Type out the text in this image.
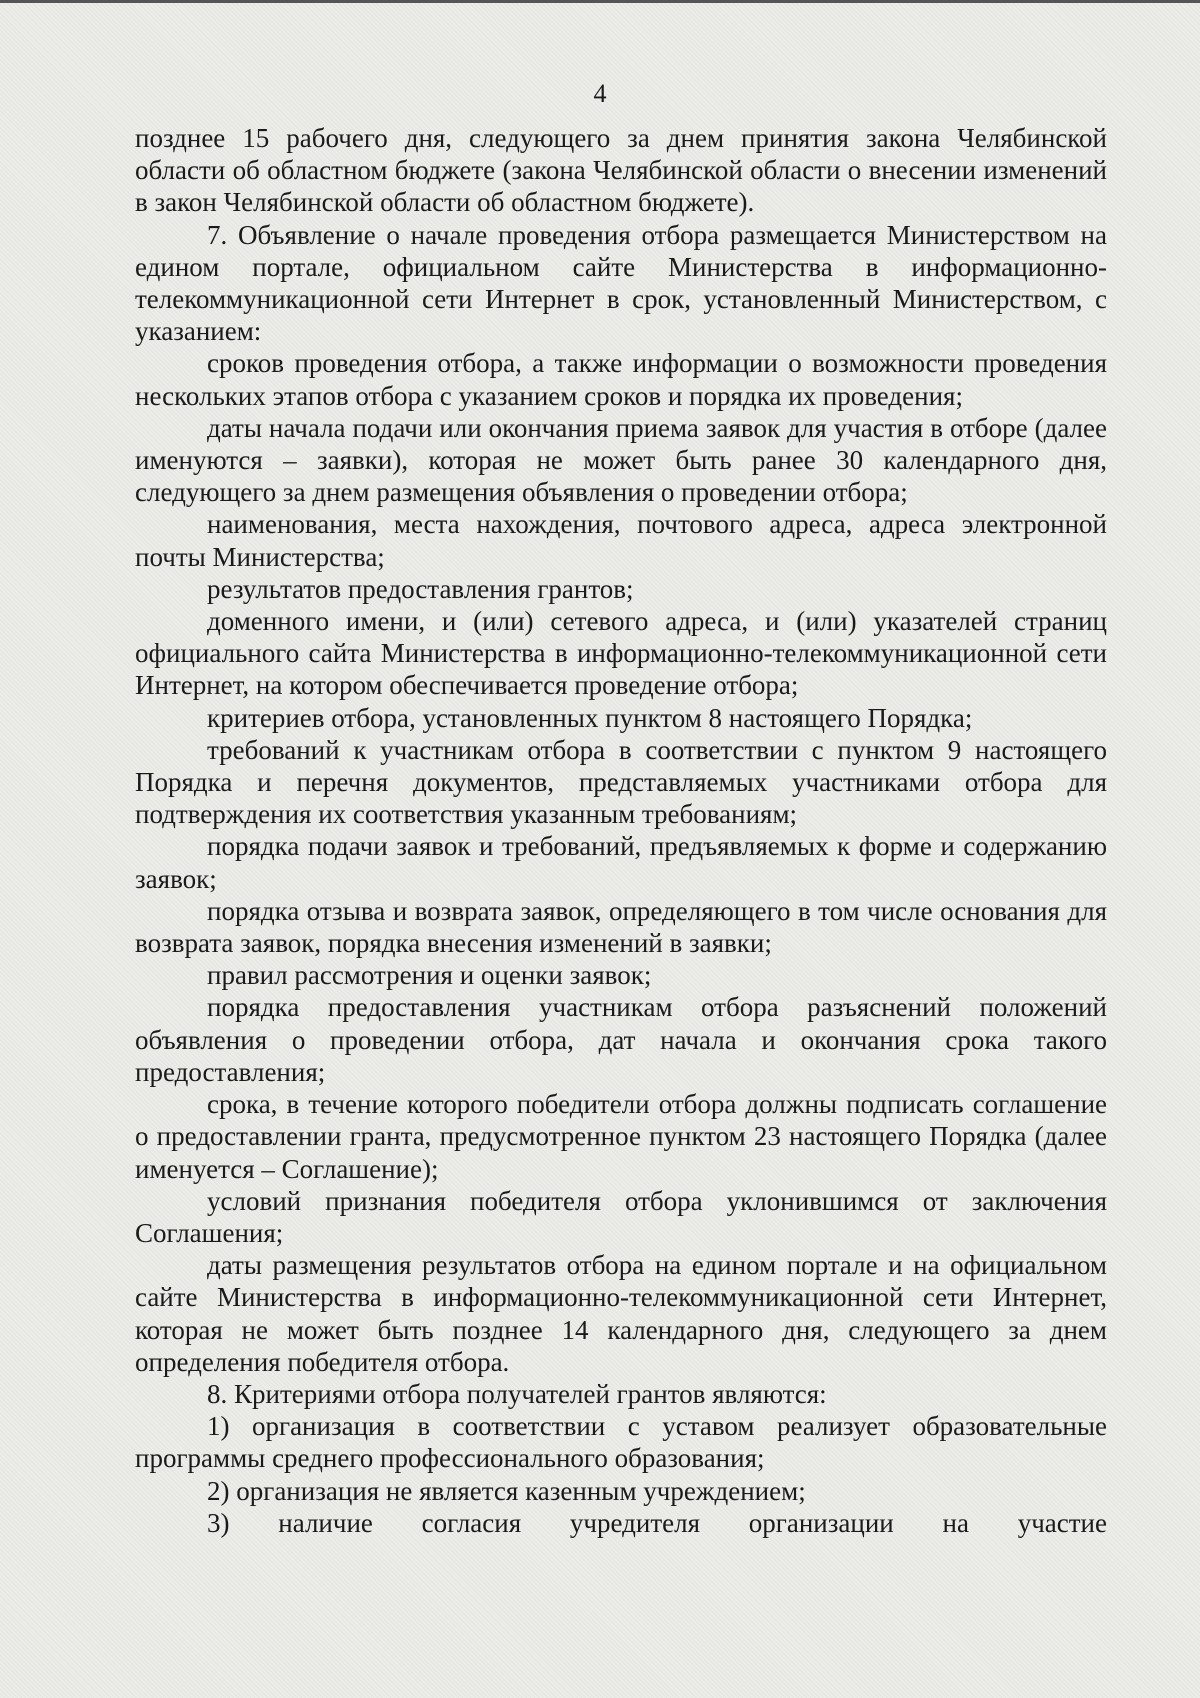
4

позднее 15 рабочего дня, следующего за днем принятия закона Челябинской области об областном бюджете (закона Челябинской области о внесении изменений в закон Челябинской области об областном бюджете).

7. Объявление о начале проведения отбора размещается Министерством на едином портале, официальном сайте Министерства в информационно-телекоммуникационной сети Интернет в срок, установленный Министерством, с указанием:

сроков проведения отбора, а также информации о возможности проведения нескольких этапов отбора с указанием сроков и порядка их проведения;

даты начала подачи или окончания приема заявок для участия в отборе (далее именуются – заявки), которая не может быть ранее 30 календарного дня, следующего за днем размещения объявления о проведении отбора;

наименования, места нахождения, почтового адреса, адреса электронной почты Министерства;

результатов предоставления грантов;

доменного имени, и (или) сетевого адреса, и (или) указателей страниц официального сайта Министерства в информационно-телекоммуникационной сети Интернет, на котором обеспечивается проведение отбора;

критериев отбора, установленных пунктом 8 настоящего Порядка;

требований к участникам отбора в соответствии с пунктом 9 настоящего Порядка и перечня документов, представляемых участниками отбора для подтверждения их соответствия указанным требованиям;

порядка подачи заявок и требований, предъявляемых к форме и содержанию заявок;

порядка отзыва и возврата заявок, определяющего в том числе основания для возврата заявок, порядка внесения изменений в заявки;

правил рассмотрения и оценки заявок;

порядка предоставления участникам отбора разъяснений положений объявления о проведении отбора, дат начала и окончания срока такого предоставления;

срока, в течение которого победители отбора должны подписать соглашение о предоставлении гранта, предусмотренное пунктом 23 настоящего Порядка (далее именуется – Соглашение);

условий признания победителя отбора уклонившимся от заключения Соглашения;

даты размещения результатов отбора на едином портале и на официальном сайте Министерства в информационно-телекоммуникационной сети Интернет, которая не может быть позднее 14 календарного дня, следующего за днем определения победителя отбора.

8. Критериями отбора получателей грантов являются:

1) организация в соответствии с уставом реализует образовательные программы среднего профессионального образования;

2) организация не является казенным учреждением;

3) наличие согласия учредителя организации на участие
